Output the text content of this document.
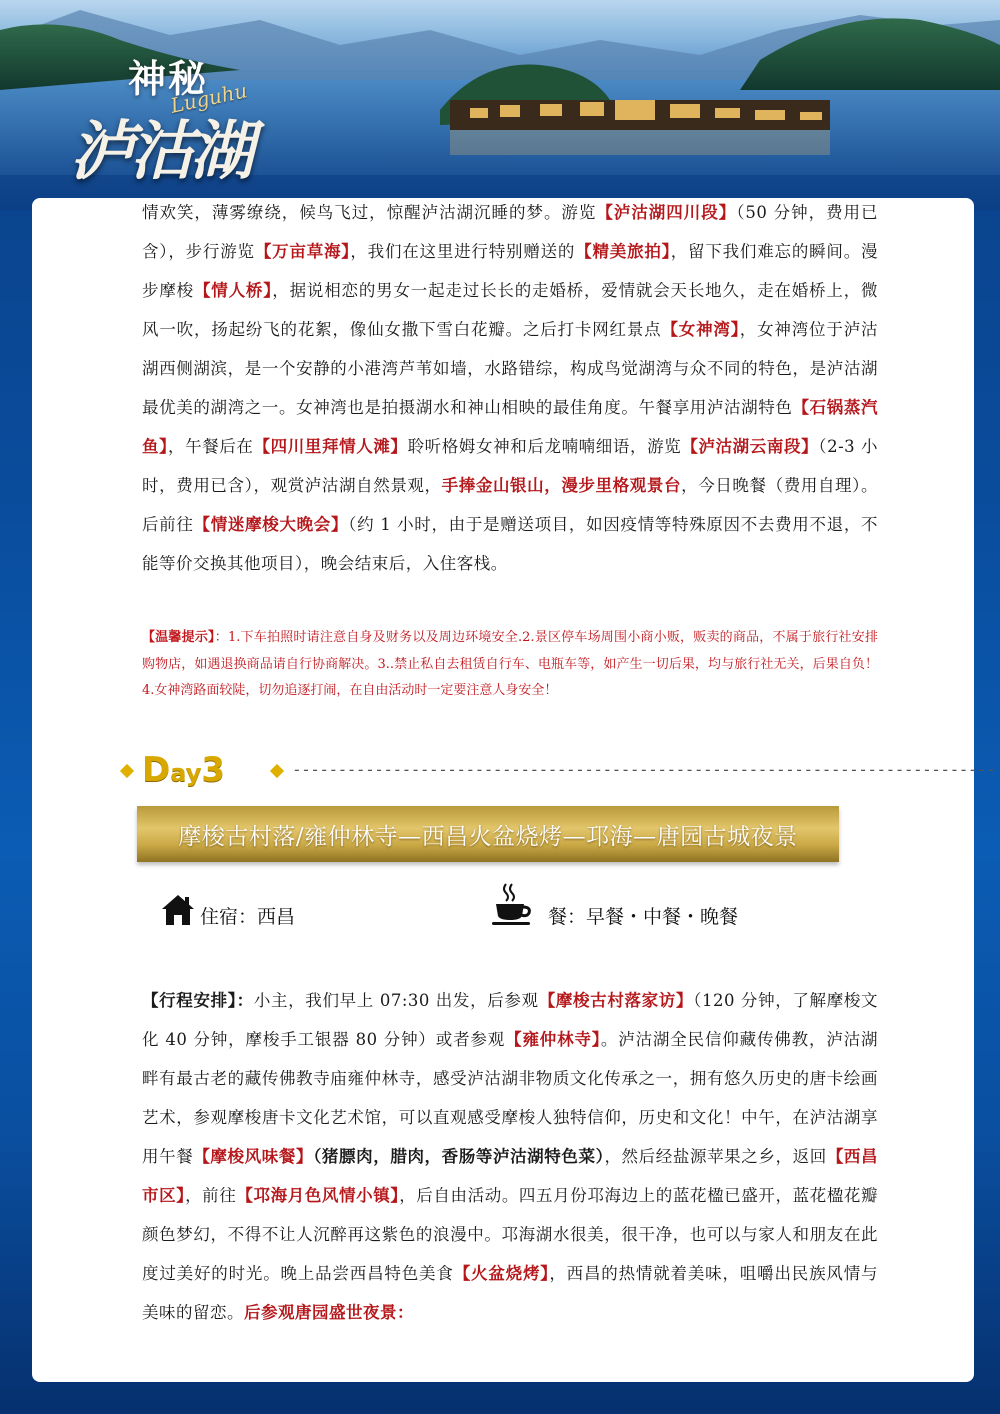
神秘
Luguhu
泸沽湖
情欢笑，薄雾缭绕，候鸟飞过，惊醒泸沽湖沉睡的梦。游览【泸沽湖四川段】（50 分钟，费用已含），步行游览【万亩草海】，我们在这里进行特别赠送的【精美旅拍】，留下我们难忘的瞬间。漫步摩梭【情人桥】，据说相恋的男女一起走过长长的走婚桥，爱情就会天长地久，走在婚桥上，微风一吹，扬起纷飞的花絮，像仙女撒下雪白花瓣。之后打卡网红景点【女神湾】，女神湾位于泸沽湖西侧湖滨，是一个安静的小港湾芦苇如墙，水路错综，构成鸟觉湖湾与众不同的特色，是泸沽湖最优美的湖湾之一。女神湾也是拍摄湖水和神山相映的最佳角度。午餐享用泸沽湖特色【石锅蒸汽鱼】，午餐后在【四川里拜情人滩】聆听格姆女神和后龙喃喃细语，游览【泸沽湖云南段】（2-3 小时，费用已含），观赏泸沽湖自然景观，手捧金山银山，漫步里格观景台，今日晚餐（费用自理）。后前往【情迷摩梭大晚会】（约 1 小时，由于是赠送项目，如因疫情等特殊原因不去费用不退，不能等价交换其他项目），晚会结束后，入住客栈。
【温馨提示】：1.下车拍照时请注意自身及财务以及周边环境安全.2.景区停车场周围小商小贩，贩卖的商品，不属于旅行社安排购物店，如遇退换商品请自行协商解决。3..禁止私自去租赁自行车、电瓶车等，如产生一切后果，均与旅行社无关，后果自负！4.女神湾路面较陡，切勿追逐打闹，在自由活动时一定要注意人身安全！
Day3	-----------------------------------------------------------------------------
摩梭古村落/雍仲林寺—西昌火盆烧烤—邛海—唐园古城夜景
住宿：西昌	餐：早餐・中餐・晚餐
【行程安排】：小主，我们早上 07:30 出发，后参观【摩梭古村落家访】（120 分钟，了解摩梭文化 40 分钟，摩梭手工银器 80 分钟）或者参观【雍仲林寺】。泸沽湖全民信仰藏传佛教，泸沽湖畔有最古老的藏传佛教寺庙雍仲林寺，感受泸沽湖非物质文化传承之一，拥有悠久历史的唐卡绘画艺术，参观摩梭唐卡文化艺术馆，可以直观感受摩梭人独特信仰，历史和文化！中午，在泸沽湖享用午餐【摩梭风味餐】（猪膘肉，腊肉，香肠等泸沽湖特色菜），然后经盐源苹果之乡，返回【西昌市区】，前往【邛海月色风情小镇】，后自由活动。四五月份邛海边上的蓝花楹已盛开，蓝花楹花瓣颜色梦幻，不得不让人沉醉再这紫色的浪漫中。邛海湖水很美，很干净，也可以与家人和朋友在此度过美好的时光。晚上品尝西昌特色美食【火盆烧烤】，西昌的热情就着美味，咀嚼出民族风情与美味的留恋。后参观唐园盛世夜景：
